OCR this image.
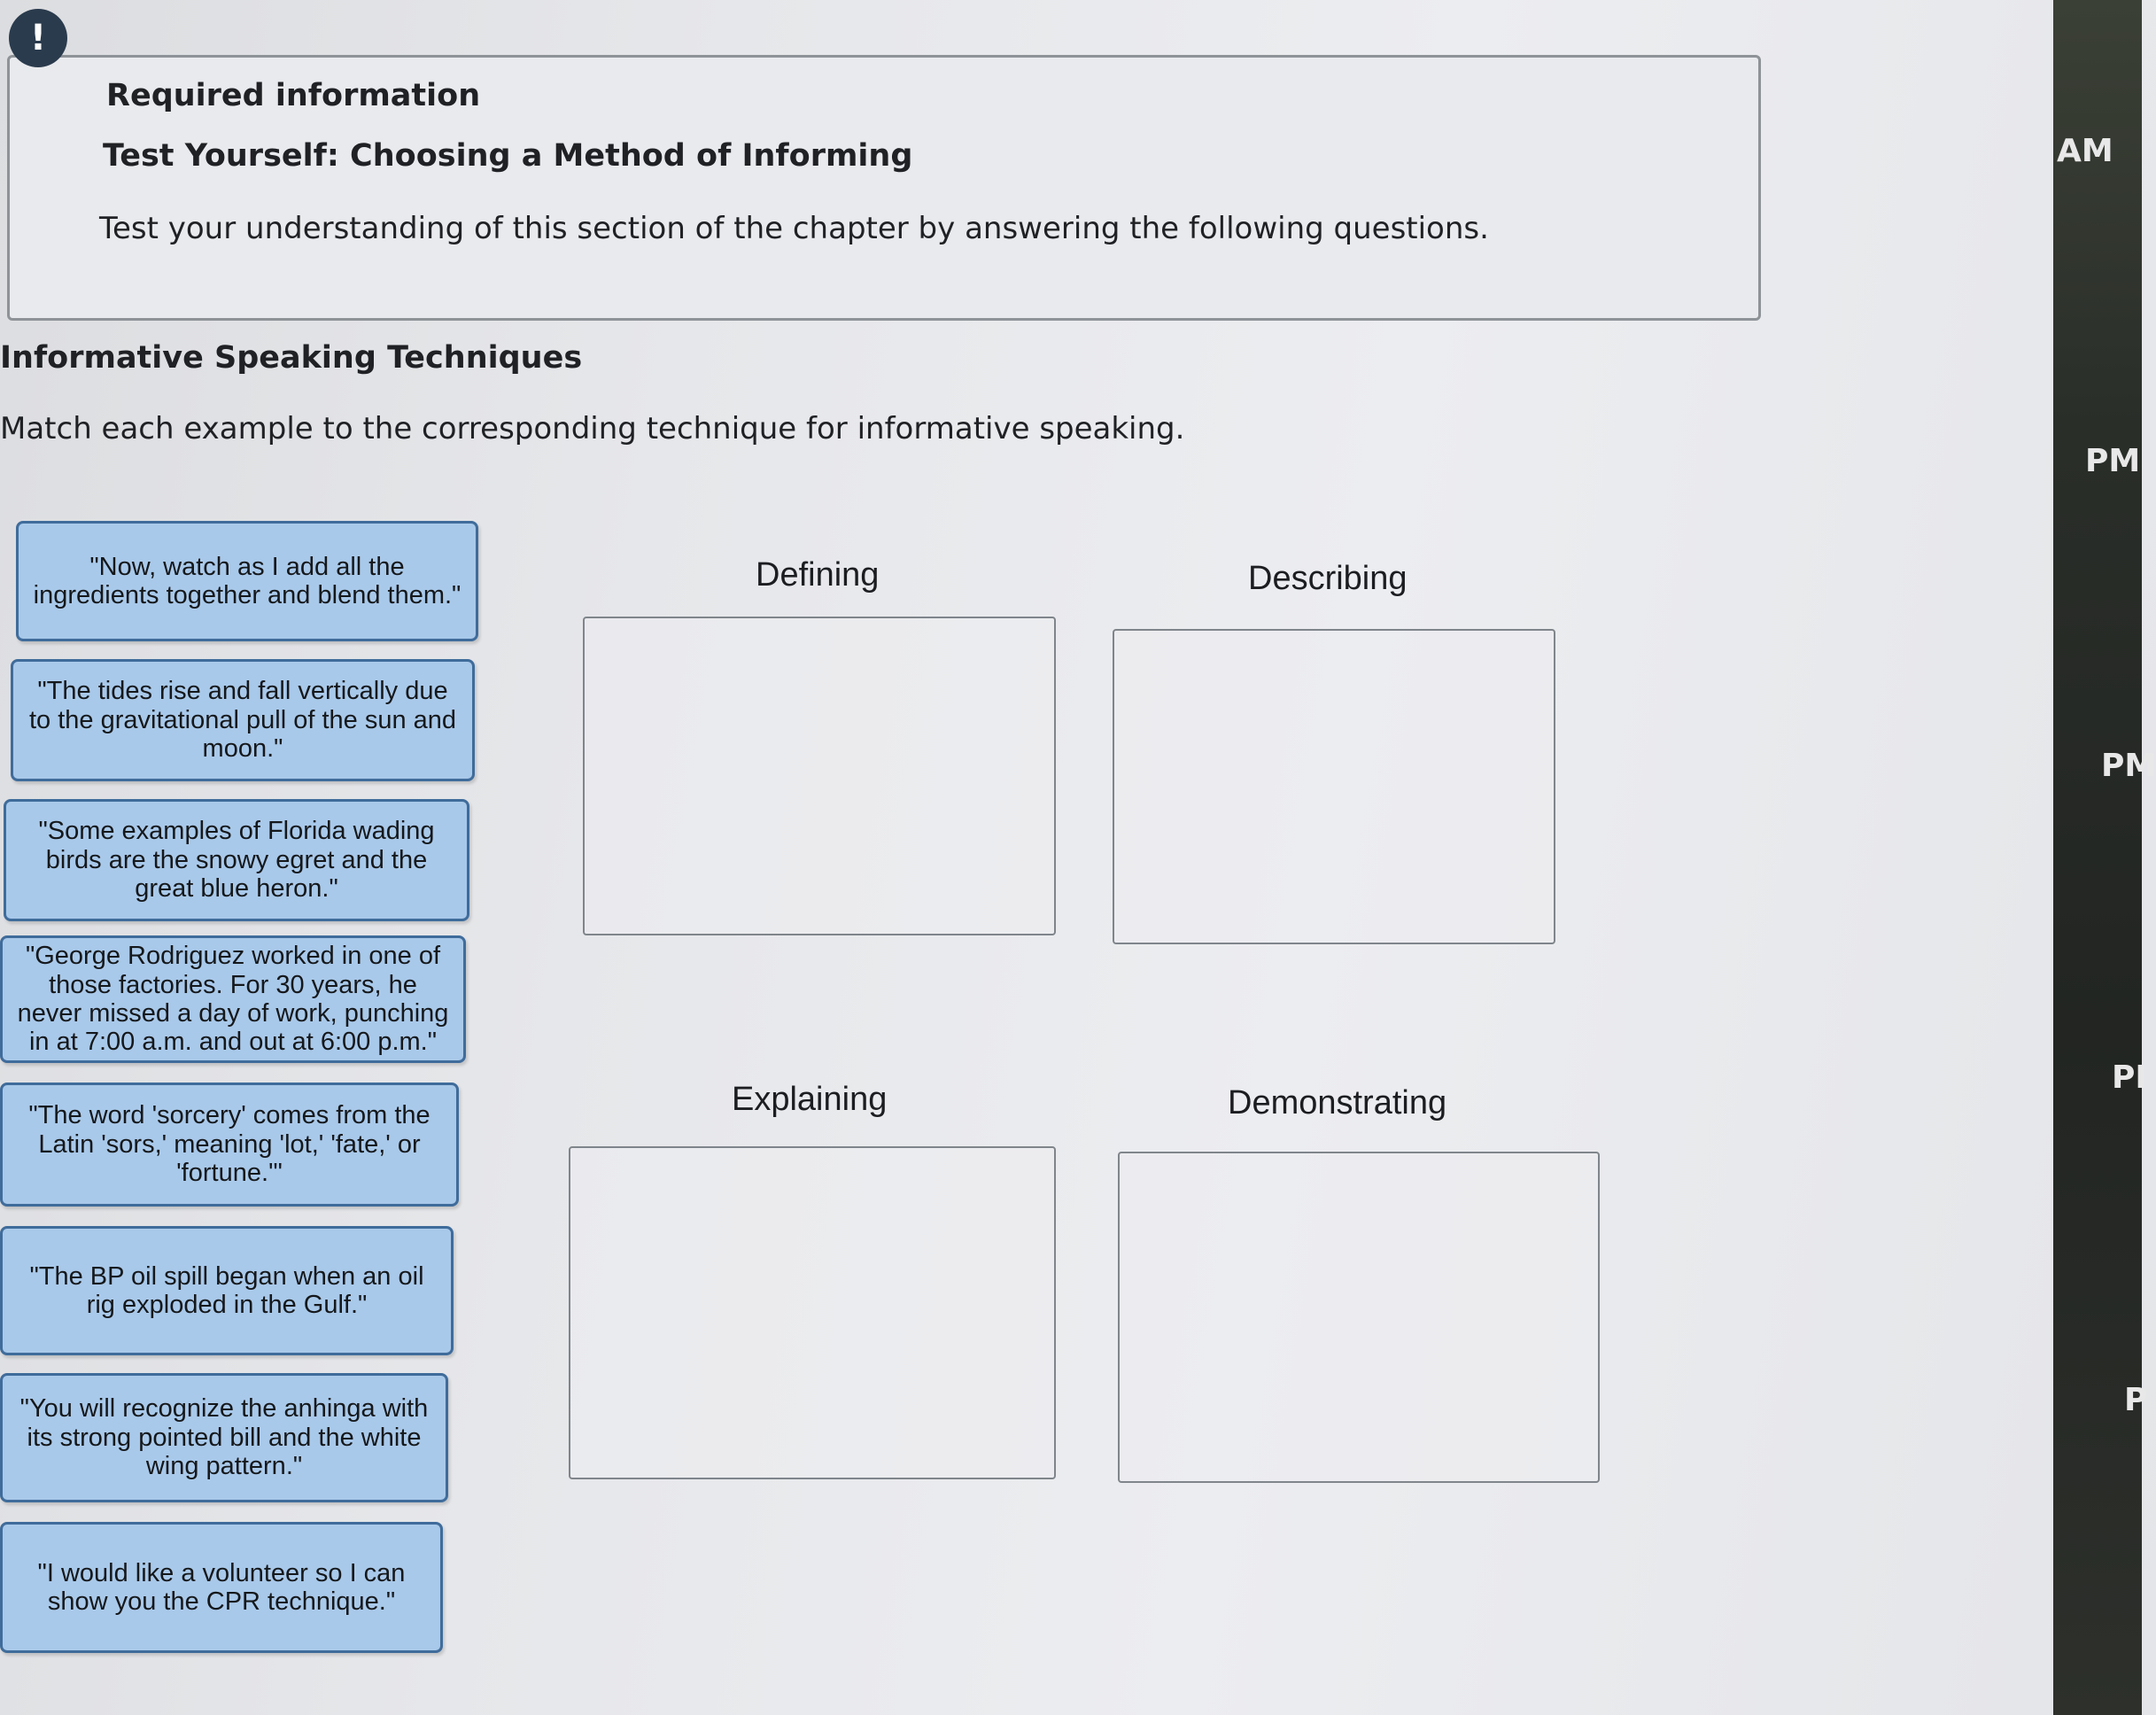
AM
PM
PM
PI
P
!
Required information
Test Yourself: Choosing a Method of Informing
Test your understanding of this section of the chapter by answering the following questions.
Informative Speaking Techniques
Match each example to the corresponding technique for informative speaking.
"Now, watch as I add all the ingredients together and blend them."
"The tides rise and fall vertically due to the gravitational pull of the sun and moon."
"Some examples of Florida wading birds are the snowy egret and the great blue heron."
"George Rodriguez worked in one of those factories. For 30 years, he never missed a day of work, punching in at 7:00 a.m. and out at 6:00 p.m."
"The word 'sorcery' comes from the Latin 'sors,' meaning 'lot,' 'fate,' or 'fortune.'"
"The BP oil spill began when an oil rig exploded in the Gulf."
"You will recognize the anhinga with its strong pointed bill and the white wing pattern."
"I would like a volunteer so I can show you the CPR technique."
Defining	Describing
Explaining	Demonstrating
